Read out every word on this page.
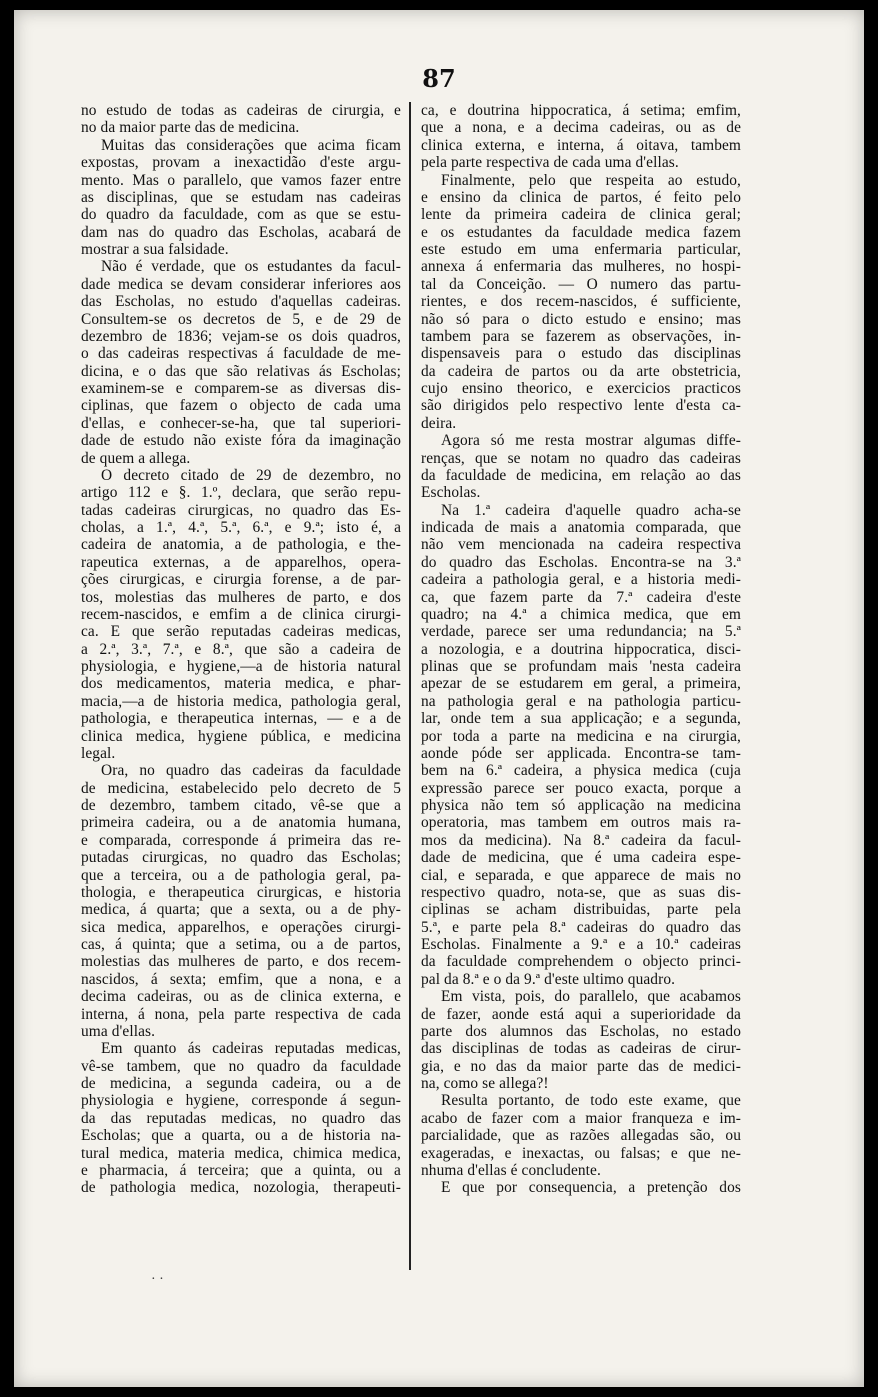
87
no estudo de todas as cadeiras de cirurgia, e
no da maior parte das de medicina.
Muitas das considerações que acima ficam
expostas, provam a inexactidão d'este argu-
mento. Mas o parallelo, que vamos fazer entre
as disciplinas, que se estudam nas cadeiras
do quadro da faculdade, com as que se estu-
dam nas do quadro das Escholas, acabará de
mostrar a sua falsidade.
Não é verdade, que os estudantes da facul-
dade medica se devam considerar inferiores aos
das Escholas, no estudo d'aquellas cadeiras.
Consultem-se os decretos de 5, e de 29 de
dezembro de 1836; vejam-se os dois quadros,
o das cadeiras respectivas á faculdade de me-
dicina, e o das que são relativas ás Escholas;
examinem-se e comparem-se as diversas dis-
ciplinas, que fazem o objecto de cada uma
d'ellas, e conhecer-se-ha, que tal superiori-
dade de estudo não existe fóra da imaginação
de quem a allega.
O decreto citado de 29 de dezembro, no
artigo 112 e §. 1.º, declara, que serão repu-
tadas cadeiras cirurgicas, no quadro das Es-
cholas, a 1.ª, 4.ª, 5.ª, 6.ª, e 9.ª; isto é, a
cadeira de anatomia, a de pathologia, e the-
rapeutica externas, a de apparelhos, opera-
ções cirurgicas, e cirurgia forense, a de par-
tos, molestias das mulheres de parto, e dos
recem-nascidos, e emfim a de clinica cirurgi-
ca. E que serão reputadas cadeiras medicas,
a 2.ª, 3.ª, 7.ª, e 8.ª, que são a cadeira de
physiologia, e hygiene,—a de historia natural
dos medicamentos, materia medica, e phar-
macia,—a de historia medica, pathologia geral,
pathologia, e therapeutica internas, — e a de
clinica medica, hygiene pública, e medicina
legal.
Ora, no quadro das cadeiras da faculdade
de medicina, estabelecido pelo decreto de 5
de dezembro, tambem citado, vê-se que a
primeira cadeira, ou a de anatomia humana,
e comparada, corresponde á primeira das re-
putadas cirurgicas, no quadro das Escholas;
que a terceira, ou a de pathologia geral, pa-
thologia, e therapeutica cirurgicas, e historia
medica, á quarta; que a sexta, ou a de phy-
sica medica, apparelhos, e operações cirurgi-
cas, á quinta; que a setima, ou a de partos,
molestias das mulheres de parto, e dos recem-
nascidos, á sexta; emfim, que a nona, e a
decima cadeiras, ou as de clinica externa, e
interna, á nona, pela parte respectiva de cada
uma d'ellas.
Em quanto ás cadeiras reputadas medicas,
vê-se tambem, que no quadro da faculdade
de medicina, a segunda cadeira, ou a de
physiologia e hygiene, corresponde á segun-
da das reputadas medicas, no quadro das
Escholas; que a quarta, ou a de historia na-
tural medica, materia medica, chimica medica,
e pharmacia, á terceira; que a quinta, ou a
de pathologia medica, nozologia, therapeuti-
ca, e doutrina hippocratica, á setima; emfim,
que a nona, e a decima cadeiras, ou as de
clinica externa, e interna, á oitava, tambem
pela parte respectiva de cada uma d'ellas.
Finalmente, pelo que respeita ao estudo,
e ensino da clinica de partos, é feito pelo
lente da primeira cadeira de clinica geral;
e os estudantes da faculdade medica fazem
este estudo em uma enfermaria particular,
annexa á enfermaria das mulheres, no hospi-
tal da Conceição. — O numero das partu-
rientes, e dos recem-nascidos, é sufficiente,
não só para o dicto estudo e ensino; mas
tambem para se fazerem as observações, in-
dispensaveis para o estudo das disciplinas
da cadeira de partos ou da arte obstetricia,
cujo ensino theorico, e exercicios practicos
são dirigidos pelo respectivo lente d'esta ca-
deira.
Agora só me resta mostrar algumas diffe-
renças, que se notam no quadro das cadeiras
da faculdade de medicina, em relação ao das
Escholas.
Na 1.ª cadeira d'aquelle quadro acha-se
indicada de mais a anatomia comparada, que
não vem mencionada na cadeira respectiva
do quadro das Escholas. Encontra-se na 3.ª
cadeira a pathologia geral, e a historia medi-
ca, que fazem parte da 7.ª cadeira d'este
quadro; na 4.ª a chimica medica, que em
verdade, parece ser uma redundancia; na 5.ª
a nozologia, e a doutrina hippocratica, disci-
plinas que se profundam mais 'nesta cadeira
apezar de se estudarem em geral, a primeira,
na pathologia geral e na pathologia particu-
lar, onde tem a sua applicação; e a segunda,
por toda a parte na medicina e na cirurgia,
aonde póde ser applicada. Encontra-se tam-
bem na 6.ª cadeira, a physica medica (cuja
expressão parece ser pouco exacta, porque a
physica não tem só applicação na medicina
operatoria, mas tambem em outros mais ra-
mos da medicina). Na 8.ª cadeira da facul-
dade de medicina, que é uma cadeira espe-
cial, e separada, e que apparece de mais no
respectivo quadro, nota-se, que as suas dis-
ciplinas se acham distribuidas, parte pela
5.ª, e parte pela 8.ª cadeiras do quadro das
Escholas. Finalmente a 9.ª e a 10.ª cadeiras
da faculdade comprehendem o objecto princi-
pal da 8.ª e o da 9.ª d'este ultimo quadro.
Em vista, pois, do parallelo, que acabamos
de fazer, aonde está aqui a superioridade da
parte dos alumnos das Escholas, no estado
das disciplinas de todas as cadeiras de cirur-
gia, e no das da maior parte das de medici-
na, como se allega?!
Resulta portanto, de todo este exame, que
acabo de fazer com a maior franqueza e im-
parcialidade, que as razões allegadas são, ou
exageradas, e inexactas, ou falsas; e que ne-
nhuma d'ellas é concludente.
E que por consequencia, a pretenção dos
· ·
